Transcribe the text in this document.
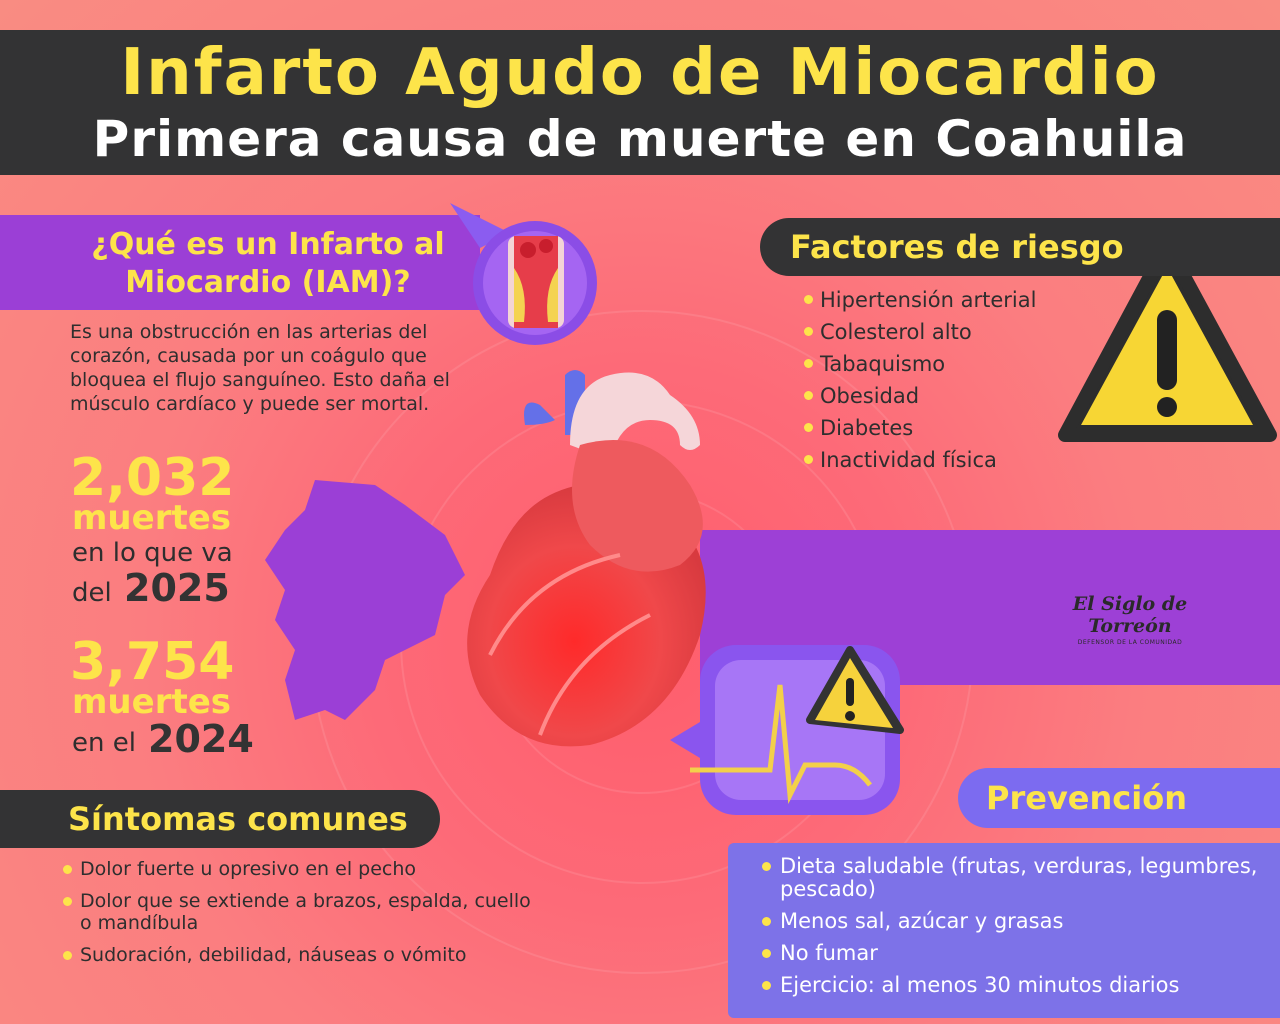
Infarto Agudo de Miocardio
Primera causa de muerte en Coahuila
El Siglo de Torreón
DEFENSOR DE LA COMUNIDAD
¿Qué es un Infarto al Miocardio (IAM)?
Es una obstrucción en las arterias del corazón, causada por un coágulo que bloquea el flujo sanguíneo. Esto daña el músculo cardíaco y puede ser mortal.
2,032
muertes
en lo que va
del 2025
3,754
muertes
en el 2024
Síntomas comunes
Dolor fuerte u opresivo en el pecho
Dolor que se extiende a brazos, espalda, cuello o mandíbula
Sudoración, debilidad, náuseas o vómito
Factores de riesgo
Hipertensión arterial
Colesterol alto
Tabaquismo
Obesidad
Diabetes
Inactividad física
Prevención
Dieta saludable (frutas, verduras, legumbres, pescado)
Menos sal, azúcar y grasas
No fumar
Ejercicio: al menos 30 minutos diarios
